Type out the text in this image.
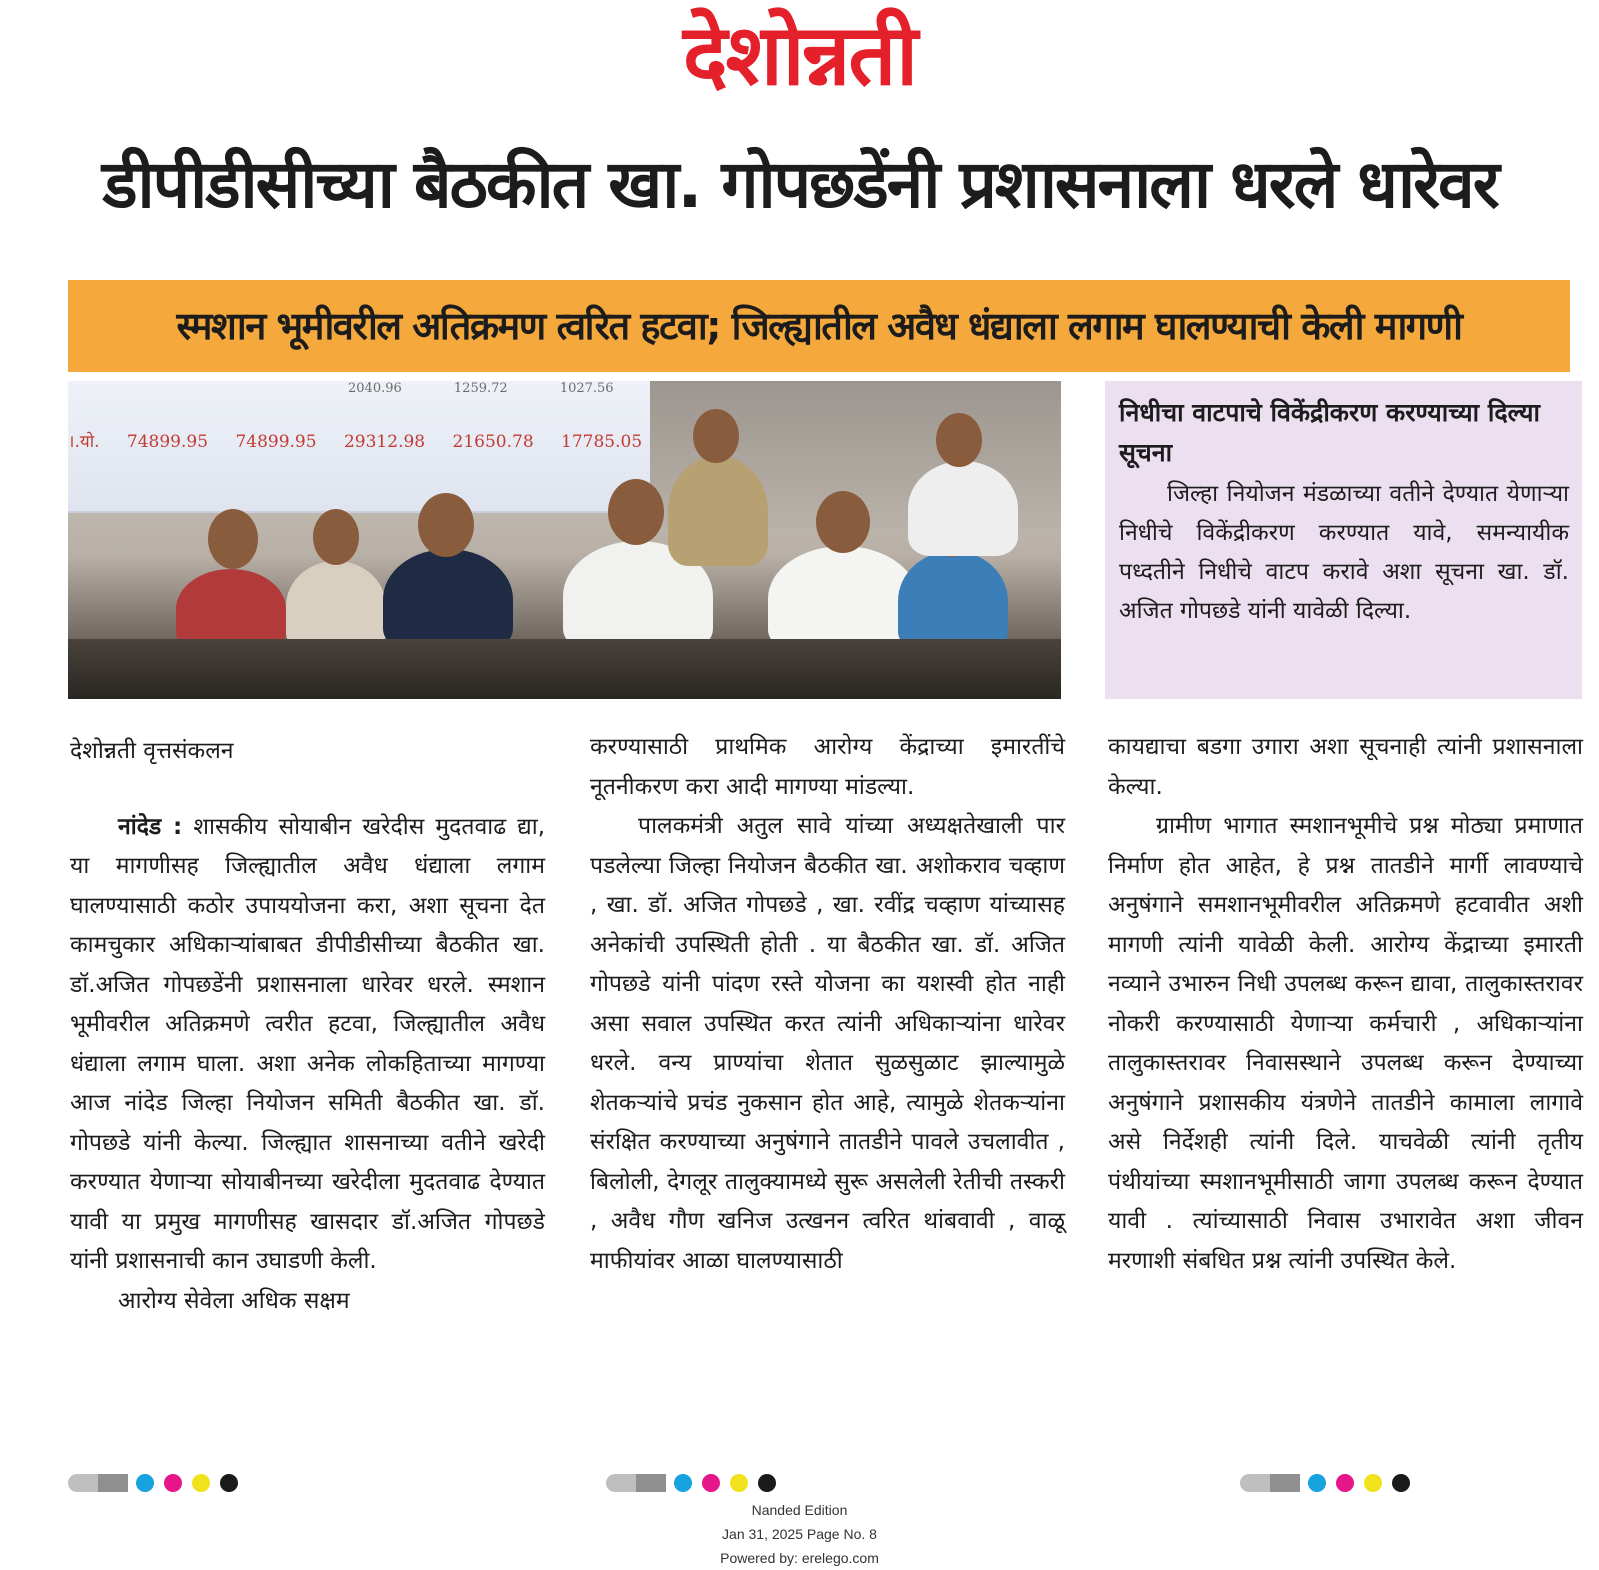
देशोन्नती
डीपीडीसीच्या बैठकीत खा. गोपछडेंनी प्रशासनाला धरले धारेवर
स्मशान भूमीवरील अतिक्रमण त्वरित हटवा; जिल्ह्यातील अवैध धंद्याला लगाम घालण्याची केली मागणी
2040.96	1259.72	1027.56
।.यो. 74899.95 74899.95 29312.98 21650.78 17785.05
निधीचा वाटपाचे विकेंद्रीकरण करण्याच्या दिल्या सूचना
जिल्हा नियोजन मंडळाच्या वतीने देण्यात येणाऱ्या निधीचे विकेंद्रीकरण करण्यात यावे, समन्यायीक पध्दतीने निधीचे वाटप करावे अशा सूचना खा. डॉ. अजित गोपछडे यांनी यावेळी दिल्या.

देशोन्नती वृत्तसंकलन

नांदेड : शासकीय सोयाबीन खरेदीस मुदतवाढ द्या, या मागणीसह जिल्ह्यातील अवैध धंद्याला लगाम घालण्यासाठी कठोर उपाययोजना करा, अशा सूचना देत कामचुकार अधिकाऱ्यांबाबत डीपीडीसीच्या बैठकीत खा. डॉ.अजित गोपछडेंनी प्रशासनाला धारेवर धरले. स्मशान भूमीवरील अतिक्रमणे त्वरीत हटवा, जिल्ह्यातील अवैध धंद्याला लगाम घाला. अशा अनेक लोकहिताच्या मागण्या आज नांदेड जिल्हा नियोजन समिती बैठकीत खा. डॉ. गोपछडे यांनी केल्या. जिल्ह्यात शासनाच्या वतीने खरेदी करण्यात येणाऱ्या सोयाबीनच्या खरेदीला मुदतवाढ देण्यात यावी या प्रमुख मागणीसह खासदार डॉ.अजित गोपछडे यांनी प्रशासनाची कान उघाडणी केली.

आरोग्य सेवेला अधिक सक्षम

करण्यासाठी प्राथमिक आरोग्य केंद्राच्या इमारतींचे नूतनीकरण करा आदी मागण्या मांडल्या.

पालकमंत्री अतुल सावे यांच्या अध्यक्षतेखाली पार पडलेल्या जिल्हा नियोजन बैठकीत खा. अशोकराव चव्हाण , खा. डॉ. अजित गोपछडे , खा. रवींद्र चव्हाण यांच्यासह अनेकांची उपस्थिती होती . या बैठकीत खा. डॉ. अजित गोपछडे यांनी पांदण रस्ते योजना का यशस्वी होत नाही असा सवाल उपस्थित करत त्यांनी अधिकाऱ्यांना धारेवर धरले. वन्य प्राण्यांचा शेतात सुळसुळाट झाल्यामुळे शेतकऱ्यांचे प्रचंड नुकसान होत आहे, त्यामुळे शेतकऱ्यांना संरक्षित करण्याच्या अनुषंगाने तातडीने पावले उचलावीत , बिलोली, देगलूर तालुक्यामध्ये सुरू असलेली रेतीची तस्करी , अवैध गौण खनिज उत्खनन त्वरित थांबवावी , वाळू माफीयांवर आळा घालण्यासाठी

कायद्याचा बडगा उगारा अशा सूचनाही त्यांनी प्रशासनाला केल्या.

ग्रामीण भागात स्मशानभूमीचे प्रश्न मोठ्या प्रमाणात निर्माण होत आहेत, हे प्रश्न तातडीने मार्गी लावण्याचे अनुषंगाने समशानभूमीवरील अतिक्रमणे हटवावीत अशी मागणी त्यांनी यावेळी केली. आरोग्य केंद्राच्या इमारती नव्याने उभारुन निधी उपलब्ध करून द्यावा, तालुकास्तरावर नोकरी करण्यासाठी येणाऱ्या कर्मचारी , अधिकाऱ्यांना तालुकास्तरावर निवासस्थाने उपलब्ध करून देण्याच्या अनुषंगाने प्रशासकीय यंत्रणेने तातडीने कामाला लागावे असे निर्देशही त्यांनी दिले. याचवेळी त्यांनी तृतीय पंथीयांच्या स्मशानभूमीसाठी जागा उपलब्ध करून देण्यात यावी . त्यांच्यासाठी निवास उभारावेत अशा जीवन मरणाशी संबधित प्रश्न त्यांनी उपस्थित केले.

Nanded Edition
Jan 31, 2025 Page No. 8
Powered by: erelego.com
